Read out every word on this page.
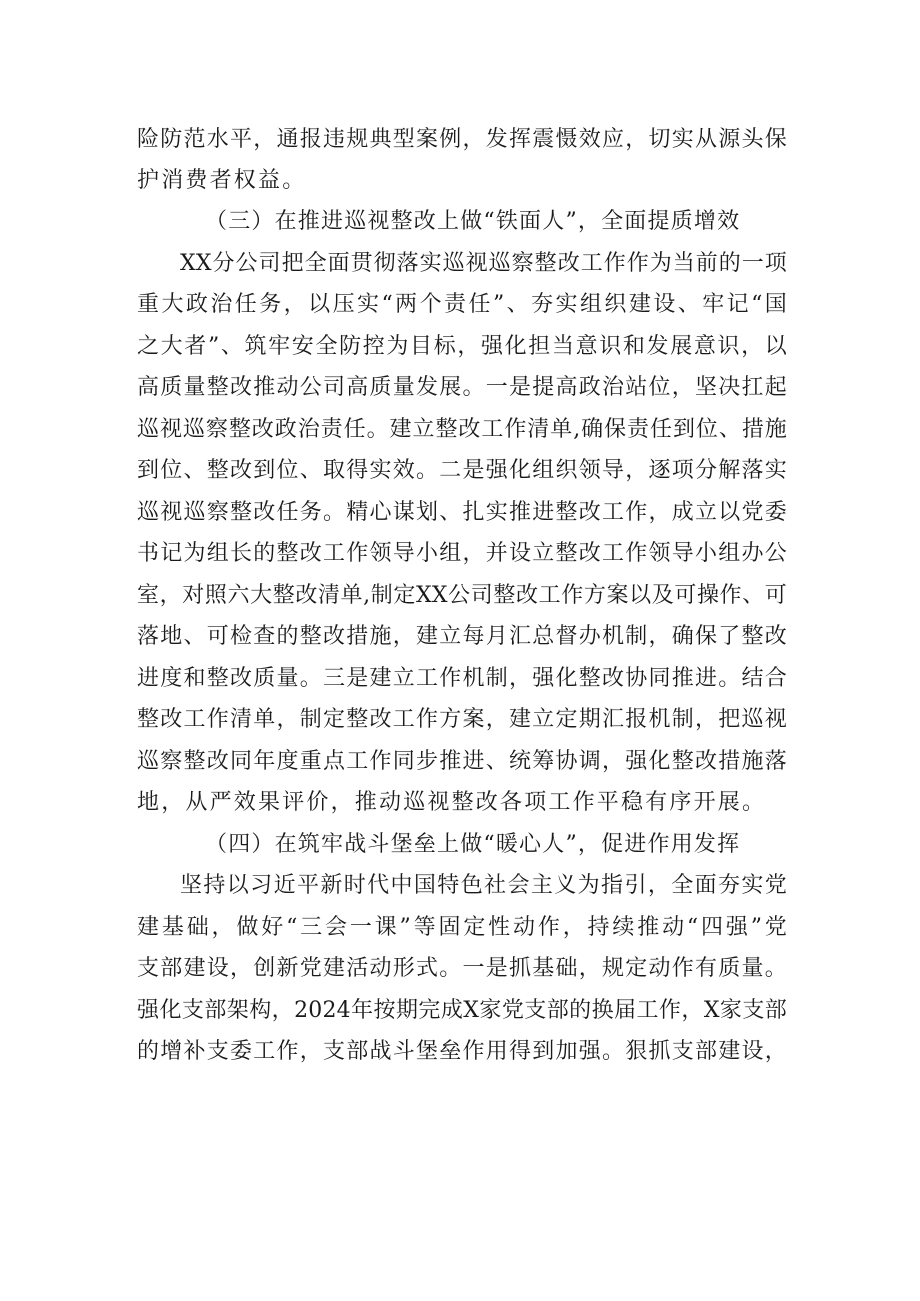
险防范水平，通报违规典型案例，发挥震慑效应，切实从源头保
护消费者权益。
（三）在推进巡视整改上做“铁面人”，全面提质增效
XX分公司把全面贯彻落实巡视巡察整改工作作为当前的一项
重大政治任务，以压实“两个责任”、夯实组织建设、牢记“国
之大者”、筑牢安全防控为目标，强化担当意识和发展意识，以
高质量整改推动公司高质量发展。一是提高政治站位，坚决扛起
巡视巡察整改政治责任。建立整改工作清单,确保责任到位、措施
到位、整改到位、取得实效。二是强化组织领导，逐项分解落实
巡视巡察整改任务。精心谋划、扎实推进整改工作，成立以党委
书记为组长的整改工作领导小组，并设立整改工作领导小组办公
室，对照六大整改清单,制定XX公司整改工作方案以及可操作、可
落地、可检查的整改措施，建立每月汇总督办机制，确保了整改
进度和整改质量。三是建立工作机制，强化整改协同推进。结合
整改工作清单，制定整改工作方案，建立定期汇报机制，把巡视
巡察整改同年度重点工作同步推进、统筹协调，强化整改措施落
地，从严效果评价，推动巡视整改各项工作平稳有序开展。
（四）在筑牢战斗堡垒上做“暖心人”，促进作用发挥
坚持以习近平新时代中国特色社会主义为指引，全面夯实党
建基础，做好“三会一课”等固定性动作，持续推动“四强”党
支部建设，创新党建活动形式。一是抓基础，规定动作有质量。
强化支部架构，2024年按期完成X家党支部的换届工作，X家支部
的增补支委工作，支部战斗堡垒作用得到加强。狠抓支部建设，
